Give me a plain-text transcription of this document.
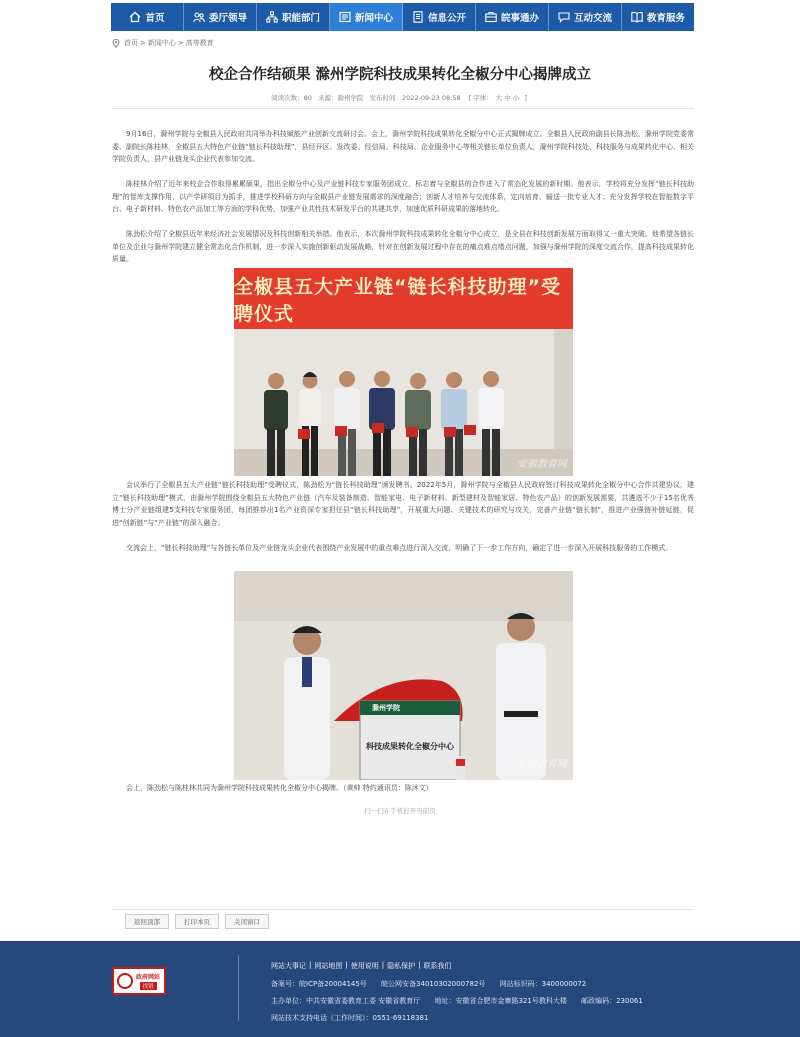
首页	委厅领导	职能部门	新闻中心	信息公开	皖事通办	互动交流	教育服务
首页 > 新闻中心 > 高等教育
校企合作结硕果 滁州学院科技成果转化全椒分中心揭牌成立
阅读次数：80 来源：滁州学院 发布时间：2022-09-23 08:58 [ 字体： 大 中 小 ]

9月16日，滁州学院与全椒县人民政府共同举办科技赋能产业创新交流研讨会。会上，滁州学院科技成果转化全椒分中心正式揭牌成立。全椒县人民政府副县长陈劲松，滁州学院党委常委、副院长陈桂林，全椒县五大特色产业链“链长科技助理”，县经开区、发改委、经信局、科技局、企业服务中心等相关链长单位负责人，滁州学院科技处、科技服务与成果转化中心、相关学院负责人，县产业链龙头企业代表参加交流。

陈桂林介绍了近年来校企合作取得累累硕果，指出全椒分中心及产业链科技专家服务团成立，标志着与全椒县的合作进入了常态化发展的新时期。他表示，学校将充分发挥“链长科技助理”的智库支撑作用，以产学研项目为抓手，推进学校科研方向与全椒县产业链发展需求的深度融合；创新人才培养与交流体系，定向培育、输送一批专业人才；充分发挥学校在智能数字平台、电子新材料、特色农产品加工等方面的学科优势，加强产业共性技术研发平台的共建共享，加速优质科研成果的落地转化。

陈劲松介绍了全椒县近年来经济社会发展情况及科技创新相关举措。他表示，本次滁州学院科技成果转化全椒分中心成立，是全县在科技创新发展方面取得又一重大突破。他希望各链长单位及企业与滁州学院建立健全常态化合作机制，进一步深入实施创新驱动发展战略，针对在创新发展过程中存在的痛点难点堵点问题，加强与滁州学院的深度交流合作，提高科技成果转化质量。

全椒县五大产业链“链长科技助理”受聘仪式
安徽教育网

会议举行了全椒县五大产业链“链长科技助理”受聘仪式，陈劲松为“链长科技助理”颁发聘书。2022年5月，滁州学院与全椒县人民政府签订科技成果转化全椒分中心合作共建协议，建立“链长科技助理”模式，由滁州学院围绕全椒县五大特色产业链（汽车及装备制造、智能家电、电子新材料、新型建材及智能家居、特色农产品）的创新发展需要，共遴选不少于15名优秀博士分产业链组建5支科技专家服务团，每团推荐出1名产业资深专家担任县“链长科技助理”，开展重大问题、关键技术的研究与攻关，完善产业链“链长制”，推进产业强链补链延链，促进“创新链”与“产业链”的深入融合。

交流会上，“链长科技助理”与各链长单位及产业链龙头企业代表围绕产业发展中的重点难点进行深入交流，明确了下一步工作方向，确定了进一步深入开展科技服务的工作模式。

滁州学院
科技成果转化全椒分中心
安徽教育网

会上，陈劲松与陈桂林共同为滁州学院科技成果转化全椒分中心揭牌。（黄帅 特约通讯员：陈沐文）

扫一扫在手机打开当前页
返回顶部	打印本页	关闭窗口
政府网站
找错
网站大事记 | 网站地图 | 使用说明 | 隐私保护 | 联系我们
备案号：皖ICP备20004145号 皖公网安备34010302000782号 网站标识码：3400000072
主办单位：中共安徽省委教育工委 安徽省教育厅 地址：安徽省合肥市金寨路321号教科大楼 邮政编码：230061
网站技术支持电话（工作时间）：0551-69118381
